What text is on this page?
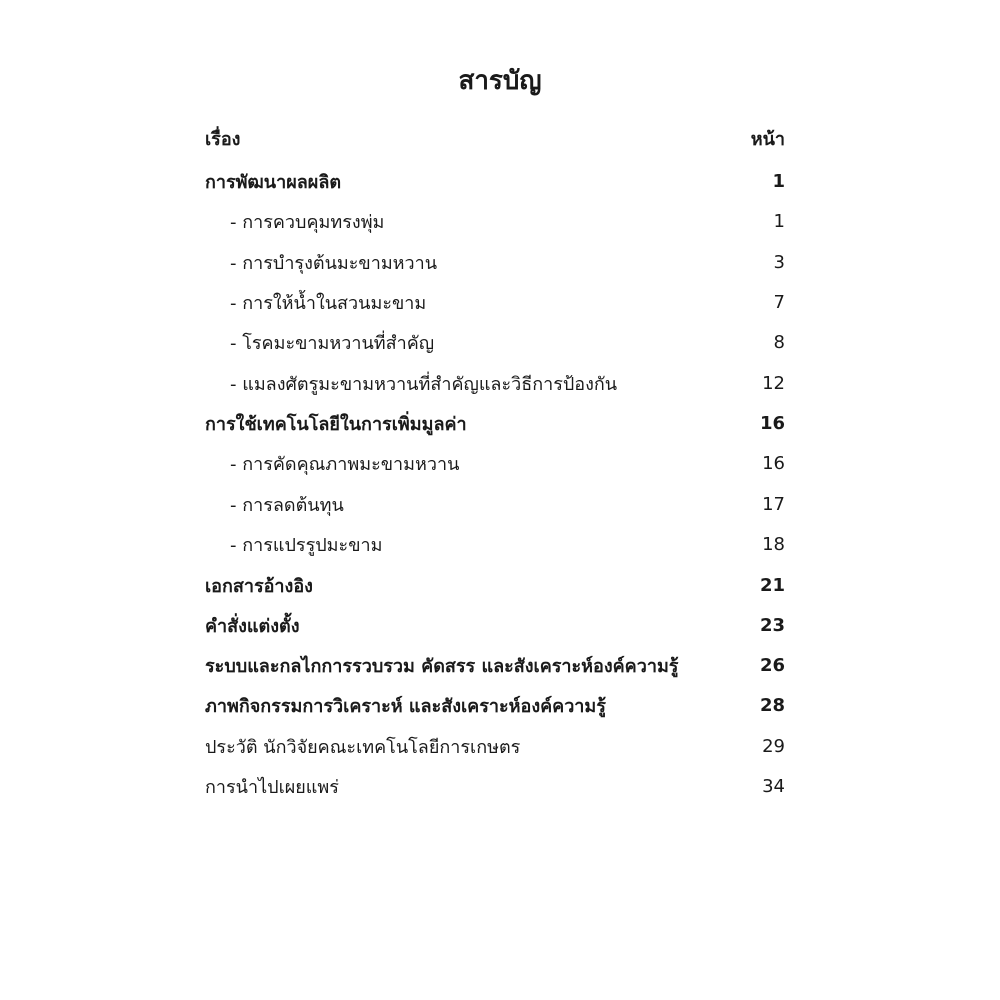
สารบัญ
เรื่อง	หน้า
การพัฒนาผลผลิต	1
- การควบคุมทรงพุ่ม	1
- การบำรุงต้นมะขามหวาน	3
- การให้น้ำในสวนมะขาม	7
- โรคมะขามหวานที่สำคัญ	8
- แมลงศัตรูมะขามหวานที่สำคัญและวิธีการป้องกัน	12
การใช้เทคโนโลยีในการเพิ่มมูลค่า	16
- การคัดคุณภาพมะขามหวาน	16
- การลดต้นทุน	17
- การแปรรูปมะขาม	18
เอกสารอ้างอิง	21
คำสั่งแต่งตั้ง	23
ระบบและกลไกการรวบรวม คัดสรร และสังเคราะห์องค์ความรู้	26
ภาพกิจกรรมการวิเคราะห์ และสังเคราะห์องค์ความรู้	28
ประวัติ นักวิจัยคณะเทคโนโลยีการเกษตร	29
การนำไปเผยแพร่	34
